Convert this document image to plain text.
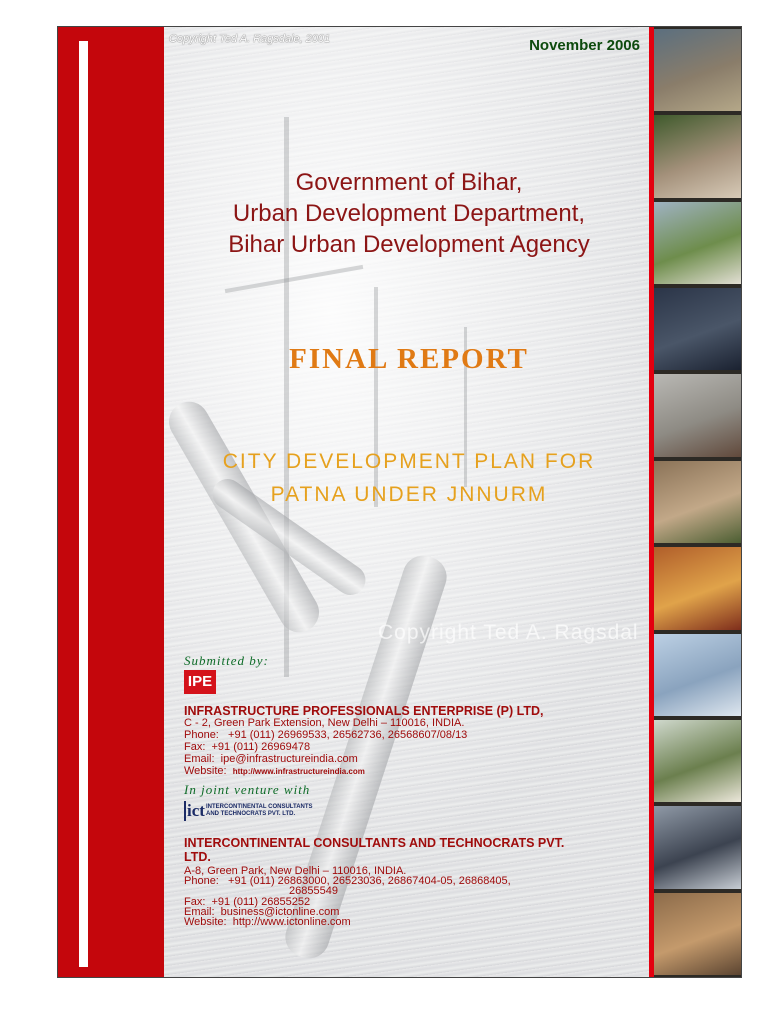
Copyright Ted A. Ragsdale, 2001	November 2006
Government of Bihar,
Urban Development Department,
Bihar Urban Development Agency
FINAL REPORT
CITY DEVELOPMENT PLAN FOR
PATNA UNDER JNNURM
Copyright Ted A. Ragsdal
Submitted by:
IPE
INFRASTRUCTURE PROFESSIONALS ENTERPRISE (P) LTD,
C - 2, Green Park Extension, New Delhi – 110016, INDIA.
Phone:   +91 (011) 26969533, 26562736, 26568607/08/13
Fax:  +91 (011) 26969478
Email:  ipe@infrastructureindia.com
Website: http://www.infrastructureindia.com
In joint venture with
ict INTERCONTINENTAL CONSULTANTS
AND TECHNOCRATS PVT. LTD.
INTERCONTINENTAL CONSULTANTS AND TECHNOCRATS PVT.
LTD.
A-8, Green Park, New Delhi – 110016, INDIA.
Phone:   +91 (011) 26863000, 26523036, 26867404-05, 26868405,
26855549
Fax:  +91 (011) 26855252
Email:  business@ictonline.com
Website:  http://www.ictonline.com
